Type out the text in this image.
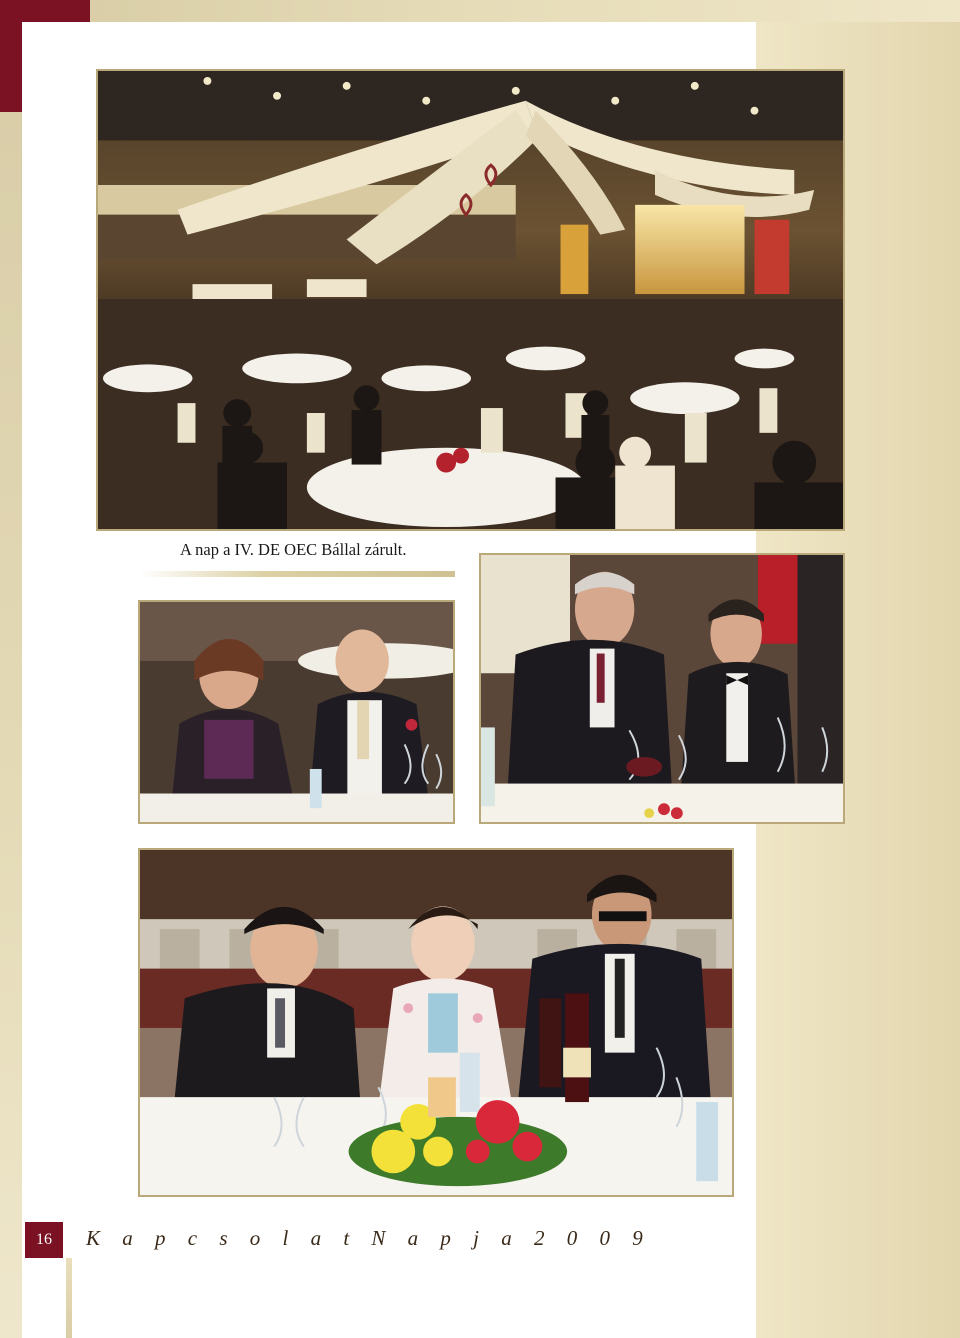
A nap a IV. DE OEC Bállal zárult.
16	K a p c s o l a t N a p j a 2 0 0 9
